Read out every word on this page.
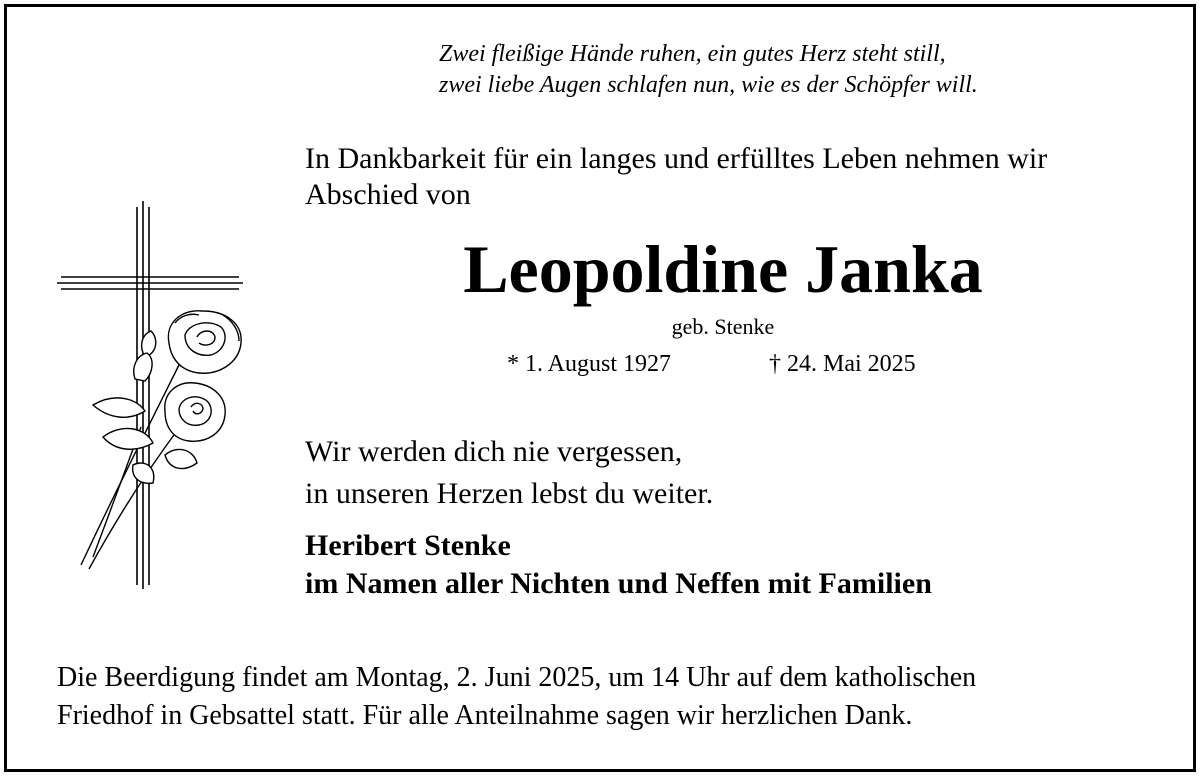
Zwei fleißige Hände ruhen, ein gutes Herz steht still,
zwei liebe Augen schlafen nun, wie es der Schöpfer will.
In Dankbarkeit für ein langes und erfülltes Leben nehmen wir
Abschied von
Leopoldine Janka
geb. Stenke
* 1. August 1927	† 24. Mai 2025
Wir werden dich nie vergessen,
in unseren Herzen lebst du weiter.
Heribert Stenke
im Namen aller Nichten und Neffen mit Familien
Die Beerdigung findet am Montag, 2. Juni 2025, um 14 Uhr auf dem katholischen
Friedhof in Gebsattel statt. Für alle Anteilnahme sagen wir herzlichen Dank.
